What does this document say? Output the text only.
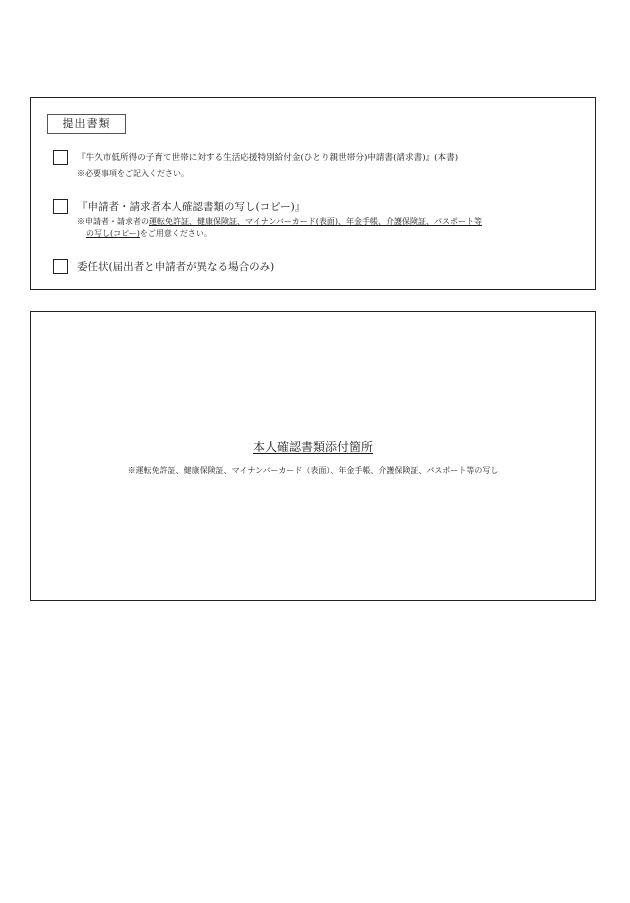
提出書類
『牛久市低所得の子育て世帯に対する生活応援特別給付金(ひとり親世帯分)申請書(請求書)』(本書)
※必要事項をご記入ください。
『申請者・請求者本人確認書類の写し(コピー)』
※申請者・請求者の運転免許証、健康保険証、マイナンバーカード(表面)、年金手帳、介護保険証、パスポート等
の写し(コピー)をご用意ください。
委任状(届出者と申請者が異なる場合のみ)
本人確認書類添付箇所
※運転免許証、健康保険証、マイナンバーカード（表面）、年金手帳、介護保険証、パスポート等の写し
